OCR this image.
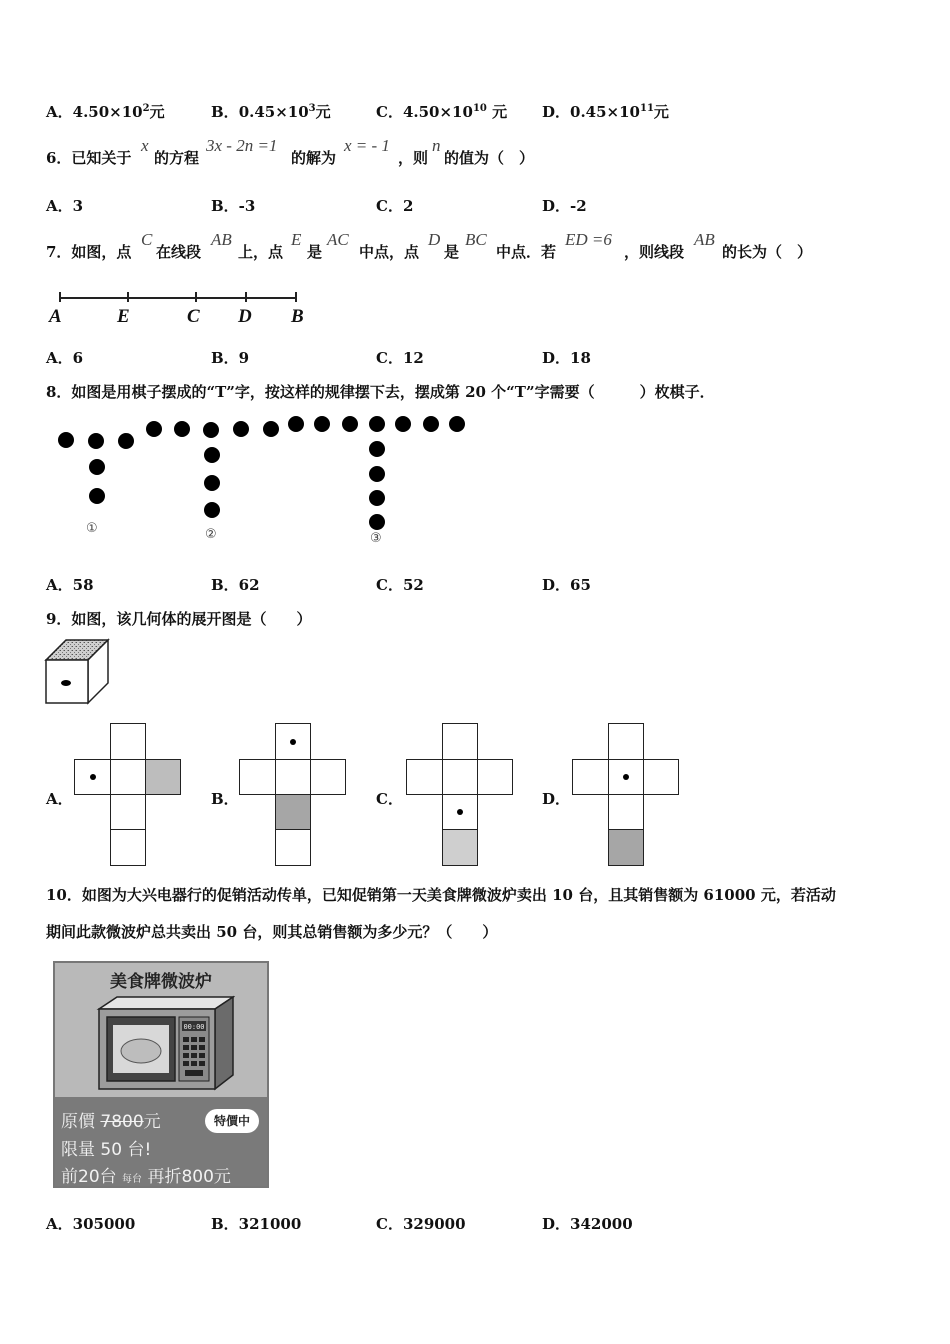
A．$4.50\times 10^2$元	B．$0.45\times 10^3$元	C．$4.50\times 10^{10}$ 元 D．$0.45\times 10^{11}$元
6．已知关于
x
的方程
3x - 2n =1
的解为
x = - 1
，则
n
的值为（　）
A．3	B．-3	C．2	D．-2
7．如图，点
C
在线段
AB
上，点
E
是
AC
中点，点
D
是
BC
中点．若
ED =6
，则线段
AB
的长为（　）
A	E	C D B
A．6	B．9	C．12	D．18
8．如图是用棋子摆成的“T”字，按这样的规律摆下去，摆成第 20 个“T”字需要（　　　）枚棋子．
①	②	③
A．58	B．62	C．52	D．65
9．如图，该几何体的展开图是（　　）
A．	B．	C．	D．
10．如图为大兴电器行的促销活动传单，已知促销第一天美食牌微波炉卖出 10 台，且其销售额为 61000 元，若活动
期间此款微波炉总共卖出 50 台，则其总销售额为多少元？（　　）
美食牌微波炉
00:00
原價 7800元	特價中
限量 50 台!
前20台 每台 再折800元
A．305000	B．321000	C．329000	D．342000
